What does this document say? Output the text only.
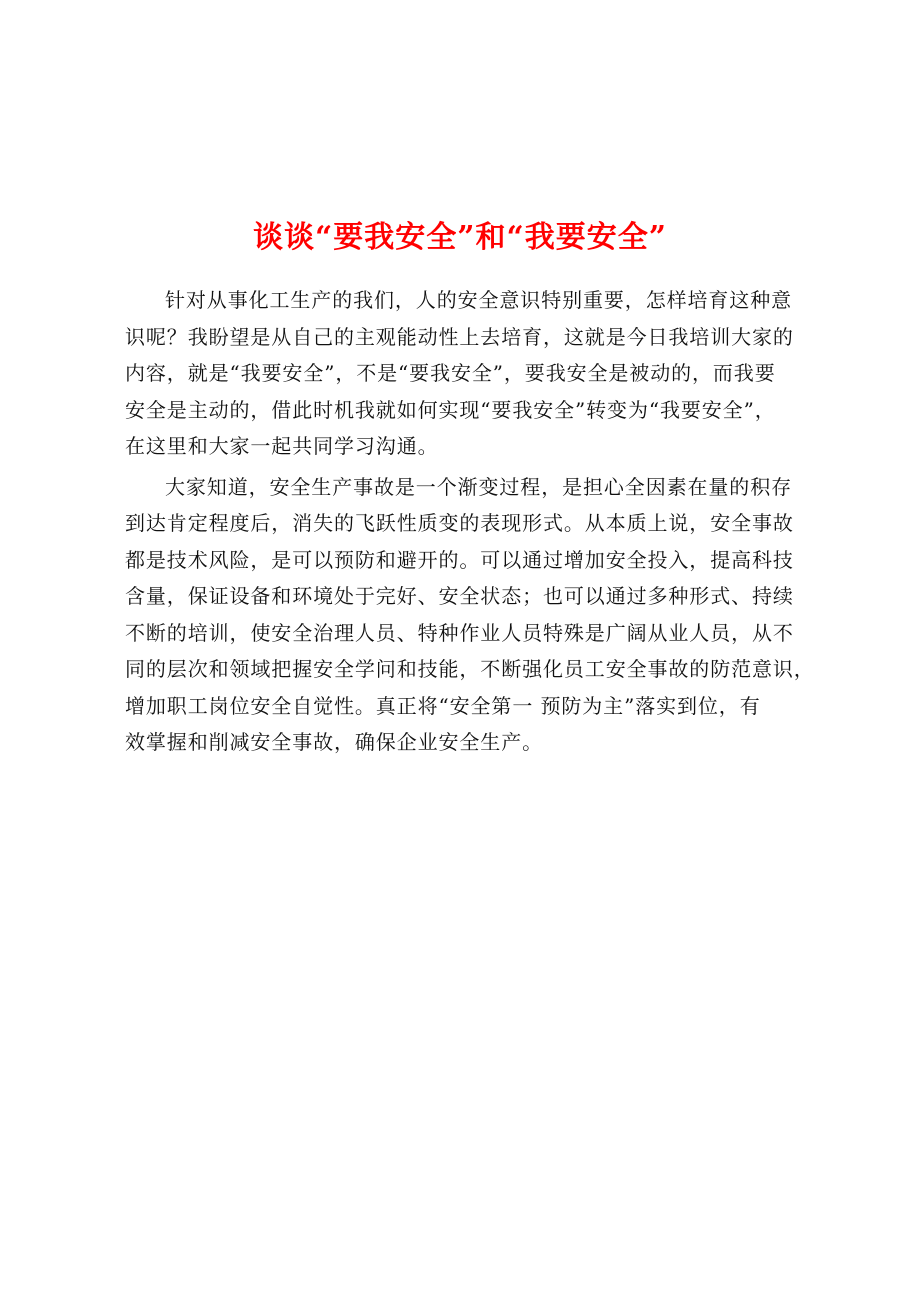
谈谈“要我安全”和“我要安全”

针对从事化工生产的我们，人的安全意识特别重要，怎样培育这种意
识呢？我盼望是从自己的主观能动性上去培育，这就是今日我培训大家的
内容，就是“我要安全”，不是“要我安全”，要我安全是被动的，而我要
安全是主动的，借此时机我就如何实现“要我安全”转变为“我要安全”，
在这里和大家一起共同学习沟通。

大家知道，安全生产事故是一个渐变过程，是担心全因素在量的积存
到达肯定程度后，消失的飞跃性质变的表现形式。从本质上说，安全事故
都是技术风险，是可以预防和避开的。可以通过增加安全投入，提高科技
含量，保证设备和环境处于完好、安全状态；也可以通过多种形式、持续
不断的培训，使安全治理人员、特种作业人员特殊是广阔从业人员，从不
同的层次和领域把握安全学问和技能，不断强化员工安全事故的防范意识，
增加职工岗位安全自觉性。真正将“安全第一 预防为主”落实到位，有
效掌握和削减安全事故，确保企业安全生产。
